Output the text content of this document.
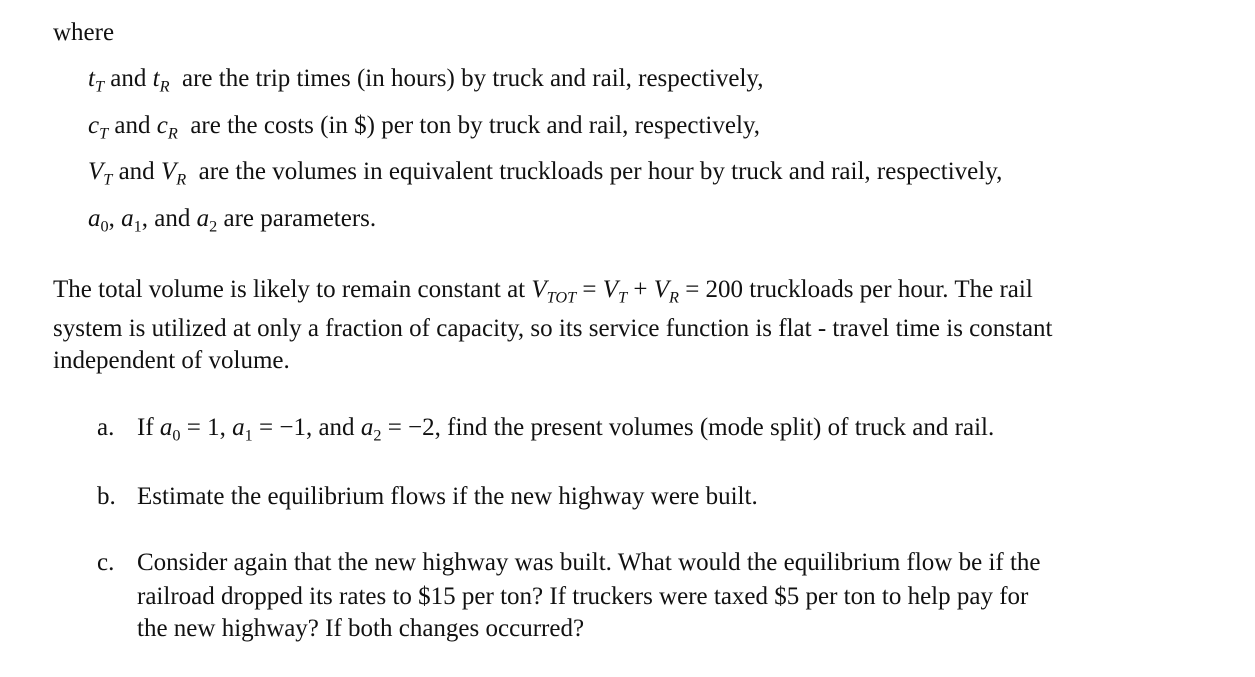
where
$t_T$ and $t_R$ are the trip times (in hours) by truck and rail, respectively,
$c_T$ and $c_R$ are the costs (in $) per ton by truck and rail, respectively,
$V_T$ and $V_R$ are the volumes in equivalent truckloads per hour by truck and rail, respectively,
$a_0$, $a_1$, and $a_2$ are parameters.
The total volume is likely to remain constant at $V_{TOT} = V_T + V_R = 200$ truckloads per hour. The rail
system is utilized at only a fraction of capacity, so its service function is flat - travel time is constant
independent of volume.
a. If $a_0 = 1$, $a_1 = -1$, and $a_2 = -2$, find the present volumes (mode split) of truck and rail.
b. Estimate the equilibrium flows if the new highway were built.
c. Consider again that the new highway was built. What would the equilibrium flow be if the
railroad dropped its rates to $15 per ton? If truckers were taxed $5 per ton to help pay for
the new highway? If both changes occurred?
